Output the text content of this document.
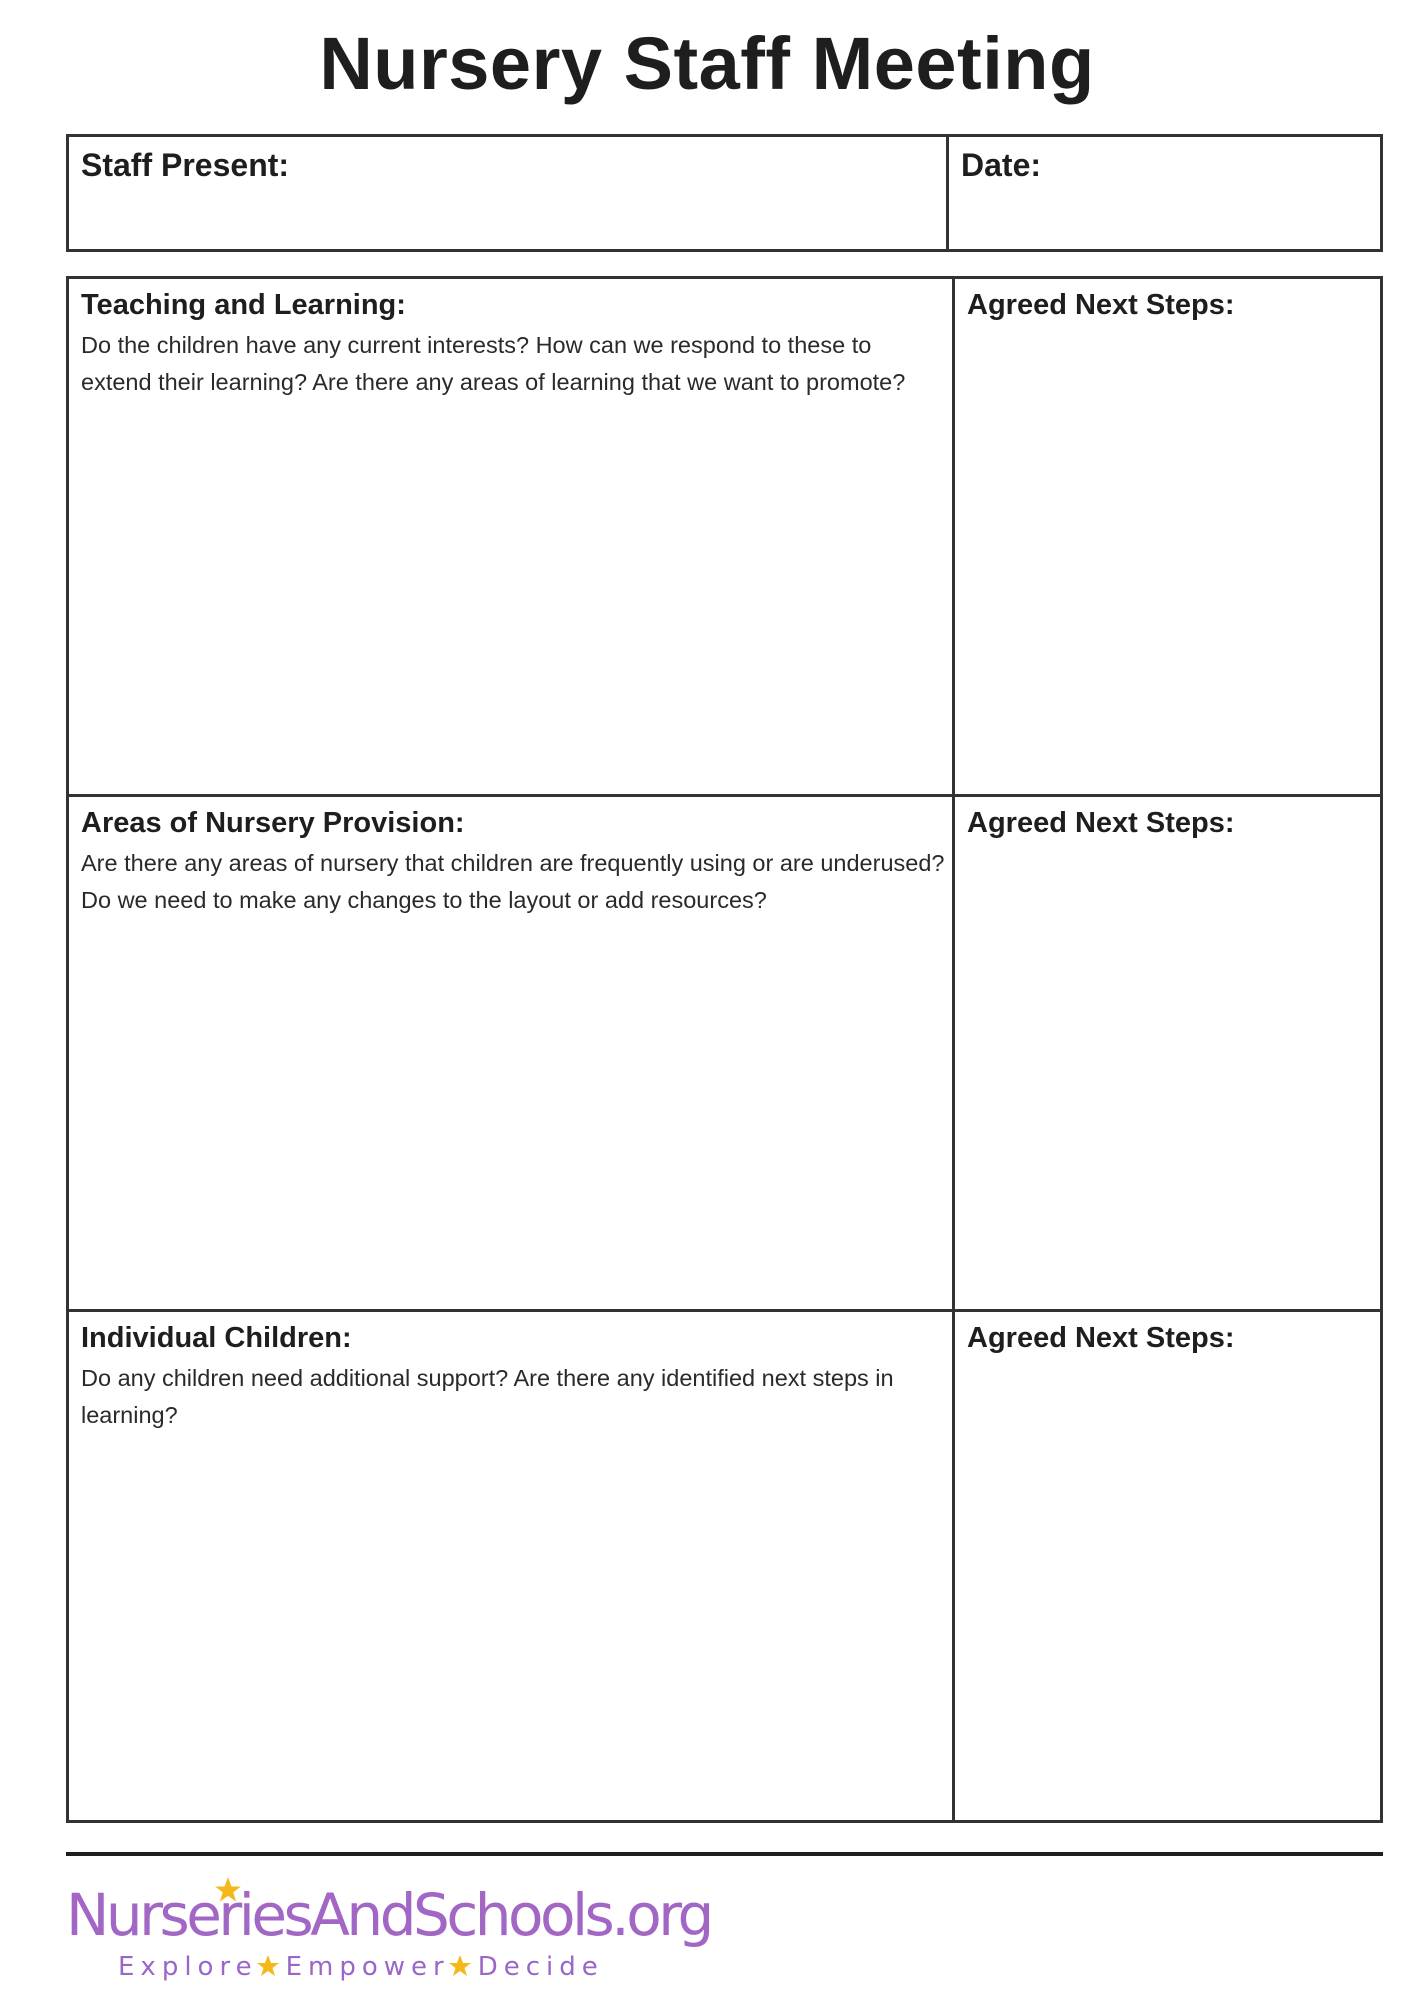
Nursery Staff Meeting
Staff Present:	Date:
Teaching and Learning:
Do the children have any current interests? How can we respond to these to extend their learning? Are there any areas of learning that we want to promote?
Agreed Next Steps:
Areas of Nursery Provision:
Are there any areas of nursery that children are frequently using or are underused? Do we need to make any changes to the layout or add resources?
Agreed Next Steps:
Individual Children:
Do any children need additional support? Are there any identified next steps in learning?
Agreed Next Steps:
NurseriesAndSchools.org
Explore Empower Decide
